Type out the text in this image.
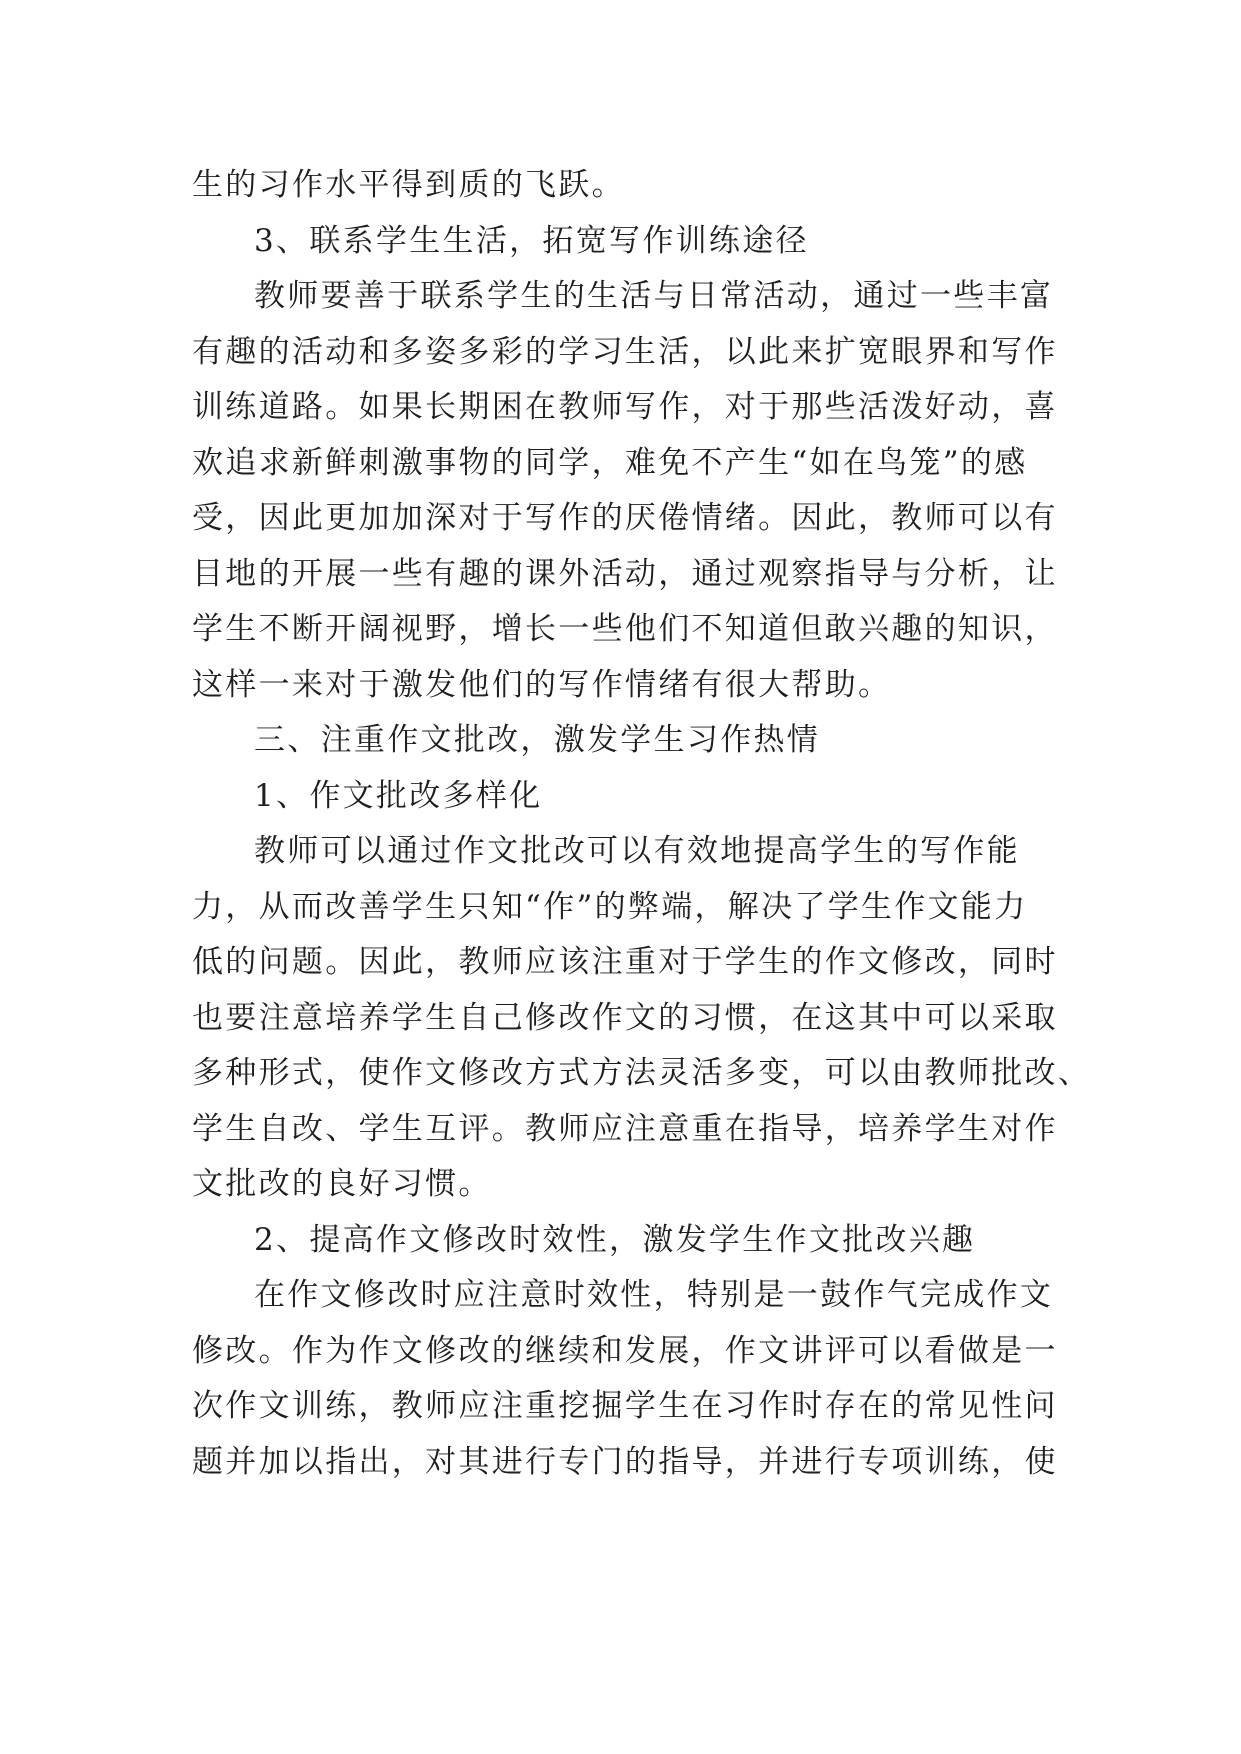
生的习作水平得到质的飞跃。
3、联系学生生活，拓宽写作训练途径
教师要善于联系学生的生活与日常活动，通过一些丰富
有趣的活动和多姿多彩的学习生活，以此来扩宽眼界和写作
训练道路。如果长期困在教师写作，对于那些活泼好动，喜
欢追求新鲜刺激事物的同学，难免不产生“如在鸟笼”的感
受，因此更加加深对于写作的厌倦情绪。因此，教师可以有
目地的开展一些有趣的课外活动，通过观察指导与分析，让
学生不断开阔视野，增长一些他们不知道但敢兴趣的知识，
这样一来对于激发他们的写作情绪有很大帮助。
三、注重作文批改，激发学生习作热情
1、作文批改多样化
教师可以通过作文批改可以有效地提高学生的写作能
力，从而改善学生只知“作”的弊端，解决了学生作文能力
低的问题。因此，教师应该注重对于学生的作文修改，同时
也要注意培养学生自己修改作文的习惯，在这其中可以采取
多种形式，使作文修改方式方法灵活多变，可以由教师批改、
学生自改、学生互评。教师应注意重在指导，培养学生对作
文批改的良好习惯。
2、提高作文修改时效性，激发学生作文批改兴趣
在作文修改时应注意时效性，特别是一鼓作气完成作文
修改。作为作文修改的继续和发展，作文讲评可以看做是一
次作文训练，教师应注重挖掘学生在习作时存在的常见性问
题并加以指出，对其进行专门的指导，并进行专项训练，使
